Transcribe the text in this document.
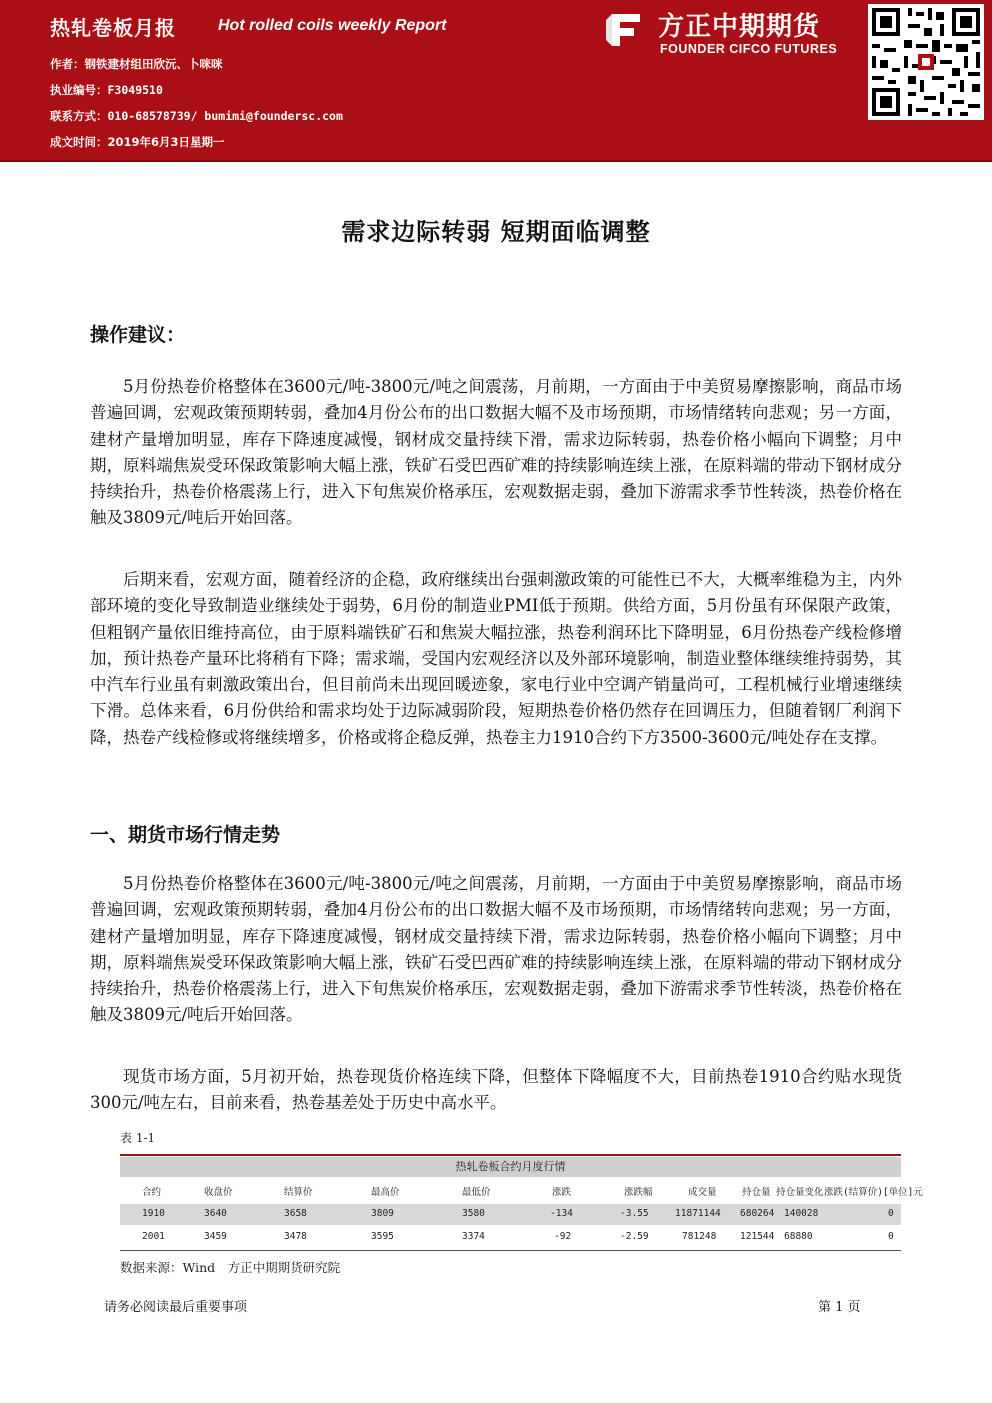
热轧卷板月报	Hot rolled coils weekly Report
作者：钢铁建材组田欣沅、卜咪咪
执业编号：F3049510
联系方式：010-68578739/ bumimi@foundersc.com
成文时间：2019年6月3日星期一
方正中期期货
FOUNDER CIFCO FUTURES
需求边际转弱 短期面临调整
操作建议：

5月份热卷价格整体在3600元/吨-3800元/吨之间震荡，月前期，一方面由于中美贸易摩擦影响，商品市场普遍回调，宏观政策预期转弱，叠加4月份公布的出口数据大幅不及市场预期，市场情绪转向悲观；另一方面，建材产量增加明显，库存下降速度减慢，钢材成交量持续下滑，需求边际转弱，热卷价格小幅向下调整；月中期，原料端焦炭受环保政策影响大幅上涨，铁矿石受巴西矿难的持续影响连续上涨，在原料端的带动下钢材成分持续抬升，热卷价格震荡上行，进入下旬焦炭价格承压，宏观数据走弱，叠加下游需求季节性转淡，热卷价格在触及3809元/吨后开始回落。

后期来看，宏观方面，随着经济的企稳，政府继续出台强刺激政策的可能性已不大，大概率维稳为主，内外部环境的变化导致制造业继续处于弱势，6月份的制造业PMI低于预期。供给方面，5月份虽有环保限产政策，但粗钢产量依旧维持高位，由于原料端铁矿石和焦炭大幅拉涨，热卷利润环比下降明显，6月份热卷产线检修增加，预计热卷产量环比将稍有下降；需求端，受国内宏观经济以及外部环境影响，制造业整体继续维持弱势，其中汽车行业虽有刺激政策出台，但目前尚未出现回暖迹象，家电行业中空调产销量尚可，工程机械行业增速继续下滑。总体来看，6月份供给和需求均处于边际减弱阶段，短期热卷价格仍然存在回调压力，但随着钢厂利润下降，热卷产线检修或将继续增多，价格或将企稳反弹，热卷主力1910合约下方3500-3600元/吨处存在支撑。

一、期货市场行情走势

5月份热卷价格整体在3600元/吨-3800元/吨之间震荡，月前期，一方面由于中美贸易摩擦影响，商品市场普遍回调，宏观政策预期转弱，叠加4月份公布的出口数据大幅不及市场预期，市场情绪转向悲观；另一方面，建材产量增加明显，库存下降速度减慢，钢材成交量持续下滑，需求边际转弱，热卷价格小幅向下调整；月中期，原料端焦炭受环保政策影响大幅上涨，铁矿石受巴西矿难的持续影响连续上涨，在原料端的带动下钢材成分持续抬升，热卷价格震荡上行，进入下旬焦炭价格承压，宏观数据走弱，叠加下游需求季节性转淡，热卷价格在触及3809元/吨后开始回落。

现货市场方面，5月初开始，热卷现货价格连续下降，但整体下降幅度不大，目前热卷1910合约贴水现货300元/吨左右，目前来看，热卷基差处于历史中高水平。

表 1-1
热轧卷板合约月度行情
合约	收盘价	结算价	最高价	最低价	涨跌	涨跌幅	成交量	持仓量 持仓量变化 涨跌(结算价)[单位]元
1910	3640	3658	3809	3580	-134	-3.55	11871144 680264 140028	0
2001	3459	3478	3595	3374	-92	-2.59	781248 121544 68880	0
数据来源：Wind　方正中期期货研究院
请务必阅读最后重要事项	第 1 页
